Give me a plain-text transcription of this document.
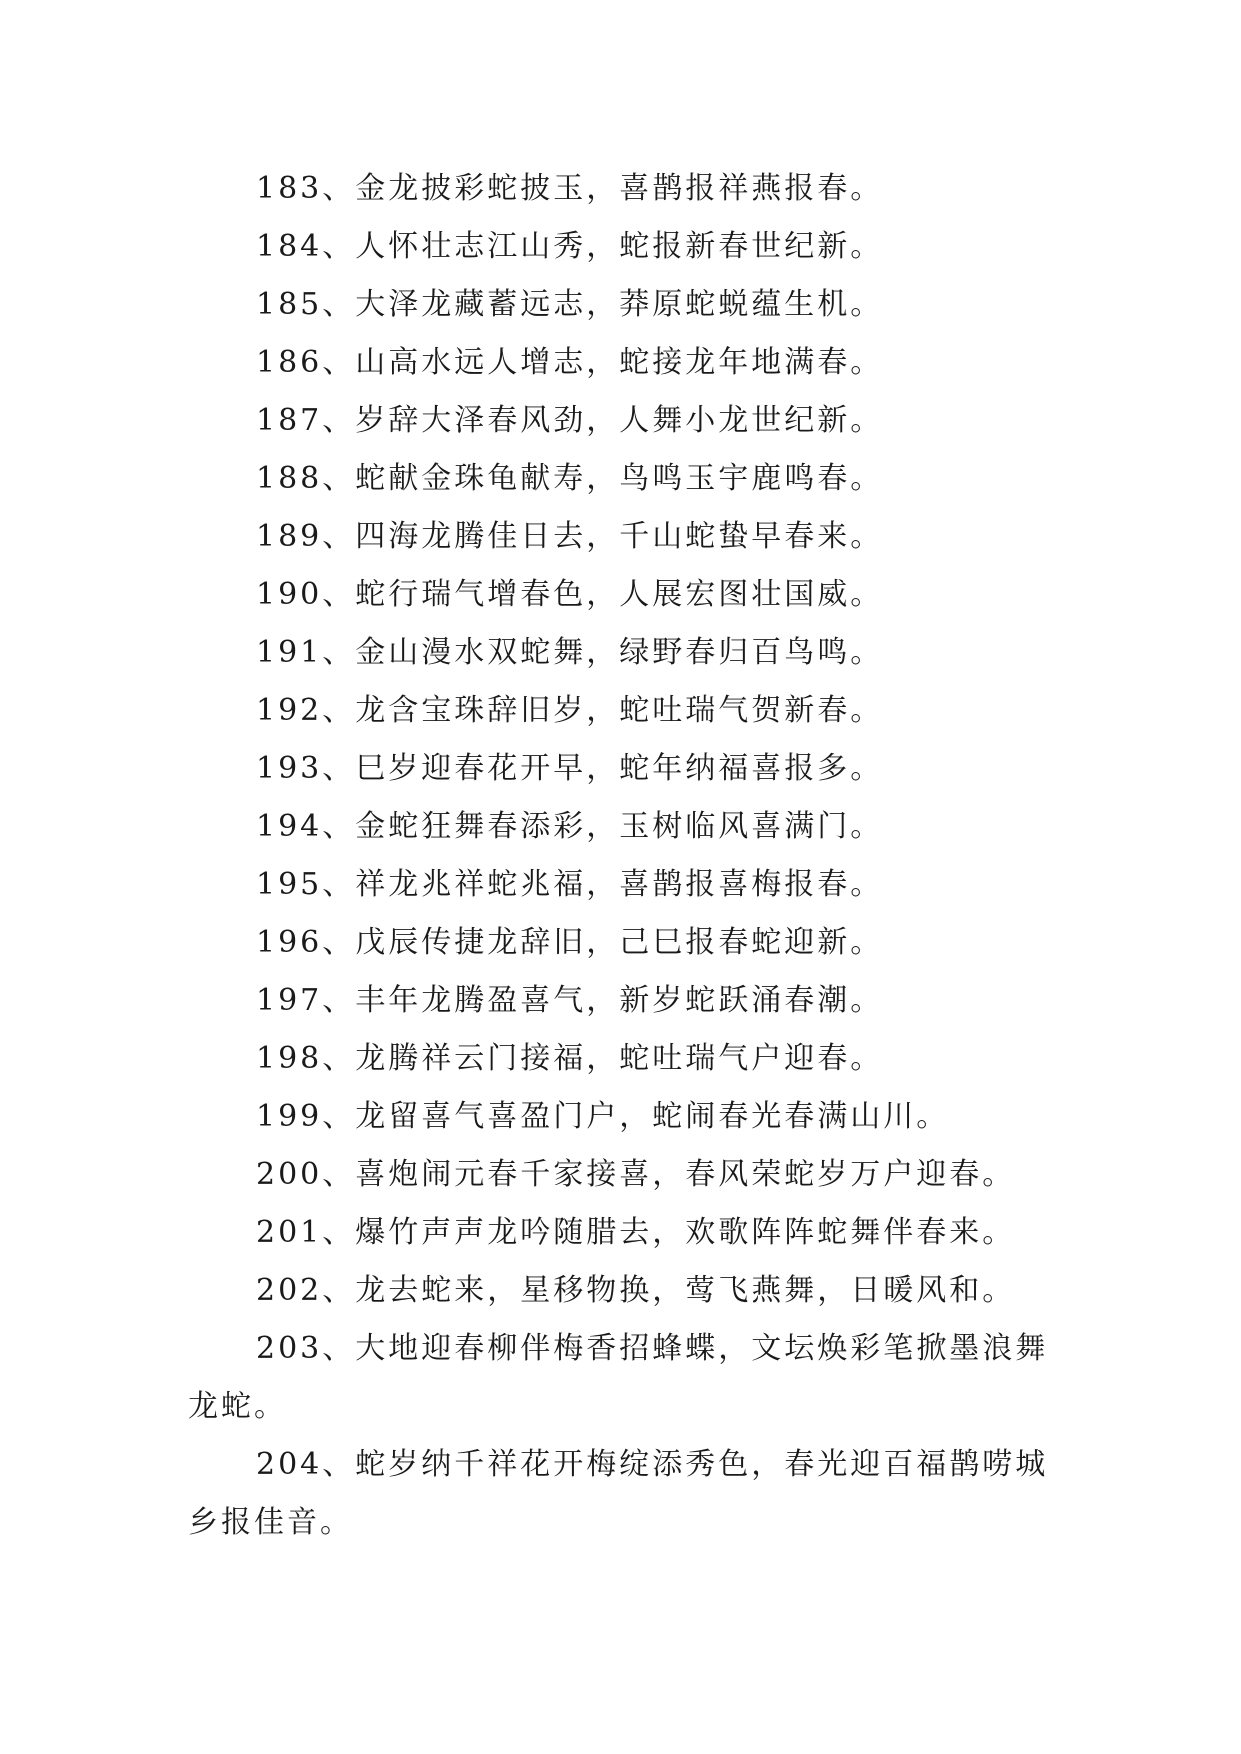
183、金龙披彩蛇披玉，喜鹊报祥燕报春。
184、人怀壮志江山秀，蛇报新春世纪新。
185、大泽龙藏蓄远志，莽原蛇蜕蕴生机。
186、山高水远人增志，蛇接龙年地满春。
187、岁辞大泽春风劲，人舞小龙世纪新。
188、蛇献金珠龟献寿，鸟鸣玉宇鹿鸣春。
189、四海龙腾佳日去，千山蛇蛰早春来。
190、蛇行瑞气增春色，人展宏图壮国威。
191、金山漫水双蛇舞，绿野春归百鸟鸣。
192、龙含宝珠辞旧岁，蛇吐瑞气贺新春。
193、巳岁迎春花开早，蛇年纳福喜报多。
194、金蛇狂舞春添彩，玉树临风喜满门。
195、祥龙兆祥蛇兆福，喜鹊报喜梅报春。
196、戊辰传捷龙辞旧，己巳报春蛇迎新。
197、丰年龙腾盈喜气，新岁蛇跃涌春潮。
198、龙腾祥云门接福，蛇吐瑞气户迎春。
199、龙留喜气喜盈门户，蛇闹春光春满山川。
200、喜炮闹元春千家接喜，春风荣蛇岁万户迎春。
201、爆竹声声龙吟随腊去，欢歌阵阵蛇舞伴春来。
202、龙去蛇来，星移物换，莺飞燕舞，日暖风和。
203、大地迎春柳伴梅香招蜂蝶，文坛焕彩笔掀墨浪舞
龙蛇。
204、蛇岁纳千祥花开梅绽添秀色，春光迎百福鹊唠城
乡报佳音。
